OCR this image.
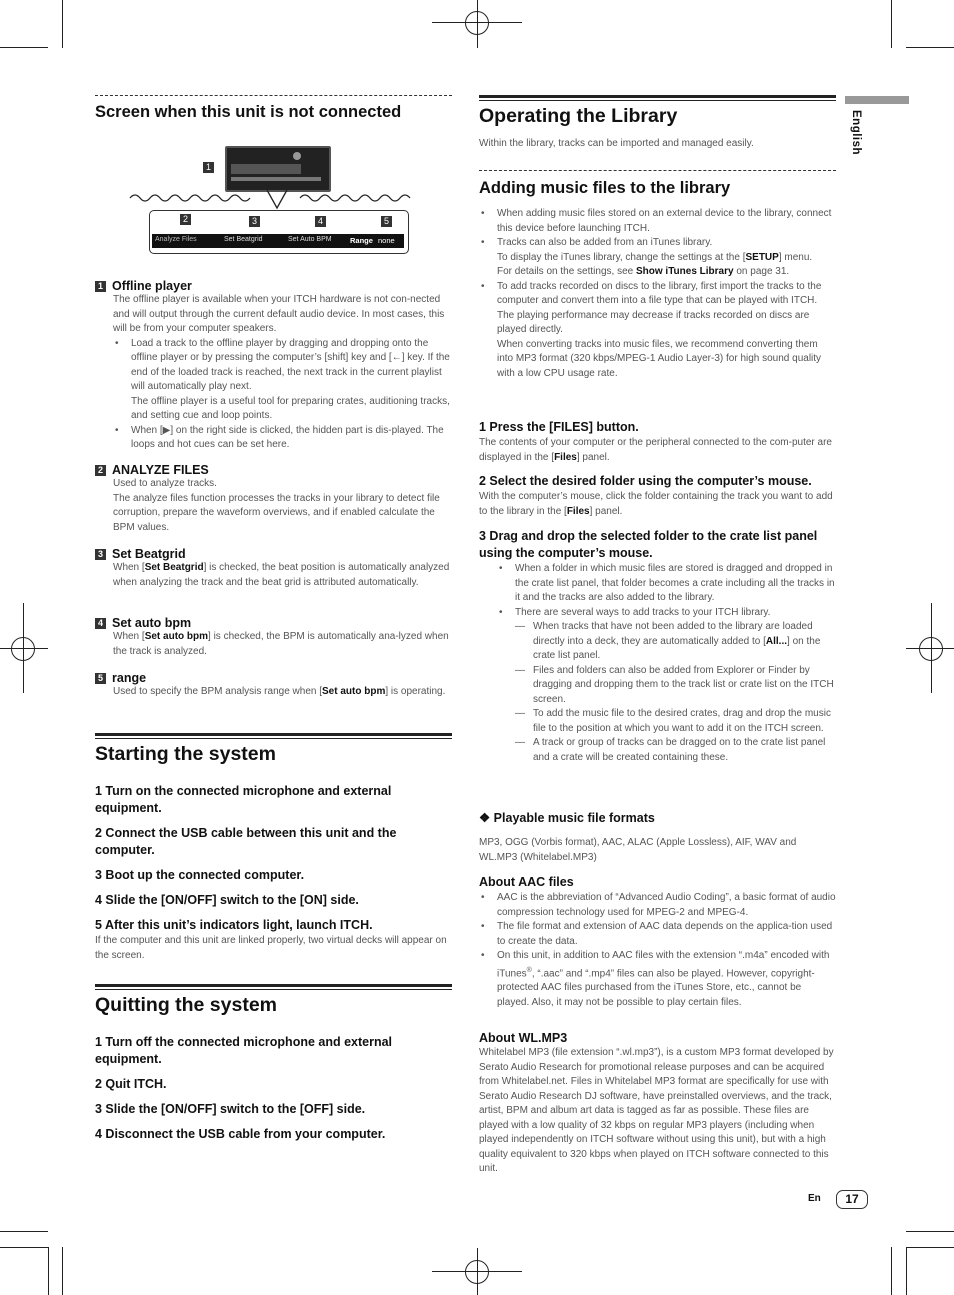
English
Screen when this unit is not connected
1
Analyze Files	Set Beatgrid	Set Auto BPM Range none
2	3	4	5
1 Offline player
The offline player is available when your ITCH hardware is not con-nected and will output through the current default audio device. In most cases, this will be from your computer speakers.
• Load a track to the offline player by dragging and dropping onto the offline player or by pressing the computer’s [shift] key and [←] key. If the end of the loaded track is reached, the next track in the current playlist will automatically play next.
The offline player is a useful tool for preparing crates, auditioning tracks, and setting cue and loop points.
• When [▶] on the right side is clicked, the hidden part is dis-played. The loops and hot cues can be set here.
2 ANALYZE FILES
Used to analyze tracks.
The analyze files function processes the tracks in your library to detect file corruption, prepare the waveform overviews, and if enabled calculate the BPM values.
3 Set Beatgrid
When [Set Beatgrid] is checked, the beat position is automatically analyzed when analyzing the track and the beat grid is attributed automatically.
4 Set auto bpm
When [Set auto bpm] is checked, the BPM is automatically ana-lyzed when the track is analyzed.
5 range
Used to specify the BPM analysis range when [Set auto bpm] is operating.
Starting the system
1 Turn on the connected microphone and external equipment.
2 Connect the USB cable between this unit and the computer.
3 Boot up the connected computer.
4 Slide the [ON/OFF] switch to the [ON] side.
5 After this unit’s indicators light, launch ITCH.
If the computer and this unit are linked properly, two virtual decks will appear on the screen.
Quitting the system
1 Turn off the connected microphone and external equipment.
2 Quit ITCH.
3 Slide the [ON/OFF] switch to the [OFF] side.
4 Disconnect the USB cable from your computer.
Operating the Library
Within the library, tracks can be imported and managed easily.
Adding music files to the library
• When adding music files stored on an external device to the library, connect this device before launching ITCH.
• Tracks can also be added from an iTunes library.
To display the iTunes library, change the settings at the [SETUP] menu.
For details on the settings, see Show iTunes Library on page 31.
• To add tracks recorded on discs to the library, first import the tracks to the computer and convert them into a file type that can be played with ITCH.
The playing performance may decrease if tracks recorded on discs are played directly.
When converting tracks into music files, we recommend converting them into MP3 format (320 kbps/MPEG-1 Audio Layer-3) for high sound quality with a low CPU usage rate.
1 Press the [FILES] button.
The contents of your computer or the peripheral connected to the com-puter are displayed in the [Files] panel.
2 Select the desired folder using the computer’s mouse.
With the computer’s mouse, click the folder containing the track you want to add to the library in the [Files] panel.
3 Drag and drop the selected folder to the crate list panel using the computer’s mouse.
• When a folder in which music files are stored is dragged and dropped in the crate list panel, that folder becomes a crate including all the tracks in it and the tracks are also added to the library.
• There are several ways to add tracks to your ITCH library.
— When tracks that have not been added to the library are loaded directly into a deck, they are automatically added to [All...] on the crate list panel.
— Files and folders can also be added from Explorer or Finder by dragging and dropping them to the track list or crate list on the ITCH screen.
— To add the music file to the desired crates, drag and drop the music file to the position at which you want to add it on the ITCH screen.
— A track or group of tracks can be dragged on to the crate list panel and a crate will be created containing these.
❖ Playable music file formats
MP3, OGG (Vorbis format), AAC, ALAC (Apple Lossless), AIF, WAV and WL.MP3 (Whitelabel.MP3)
About AAC files
• AAC is the abbreviation of “Advanced Audio Coding”, a basic format of audio compression technology used for MPEG-2 and MPEG-4.
• The file format and extension of AAC data depends on the applica-tion used to create the data.
• On this unit, in addition to AAC files with the extension “.m4a” encoded with iTunes®, “.aac” and “.mp4” files can also be played. However, copyright-protected AAC files purchased from the iTunes Store, etc., cannot be played. Also, it may not be possible to play certain files.
About WL.MP3
Whitelabel MP3 (file extension “.wl.mp3”), is a custom MP3 format developed by Serato Audio Research for promotional release purposes and can be acquired from Whitelabel.net. Files in Whitelabel MP3 format are specifically for use with Serato Audio Research DJ software, have preinstalled overviews, and the track, artist, BPM and album art data is tagged as far as possible. These files are played with a low quality of 32 kbps on regular MP3 players (including when played independently on ITCH software without using this unit), but with a high quality equivalent to 320 kbps when played on ITCH software connected to this unit.
En	17
